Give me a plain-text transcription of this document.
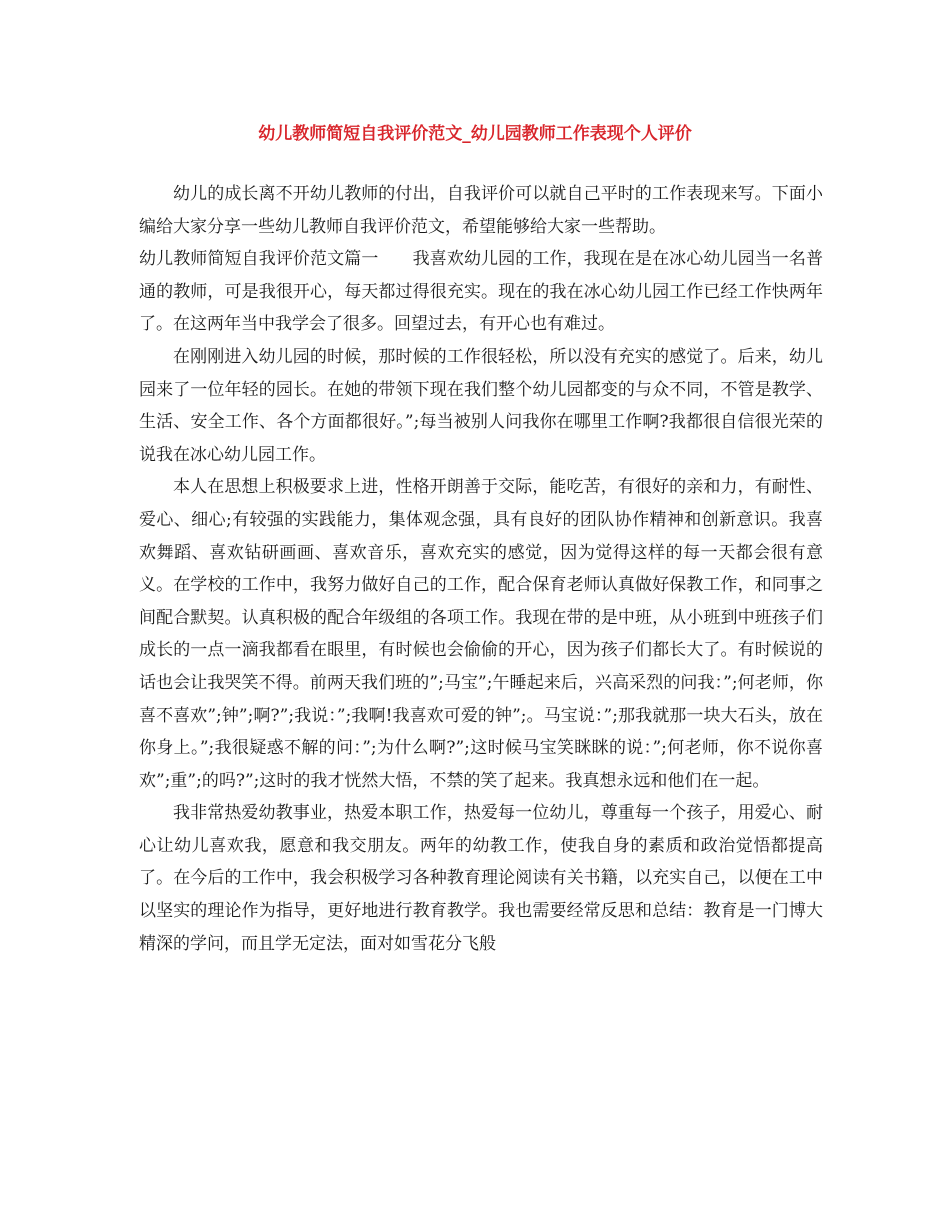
幼儿教师简短自我评价范文_幼儿园教师工作表现个人评价

幼儿的成长离不开幼儿教师的付出，自我评价可以就自己平时的工作表现来写。下面小编给大家分享一些幼儿教师自我评价范文，希望能够给大家一些帮助。

幼儿教师简短自我评价范文篇一　　我喜欢幼儿园的工作，我现在是在冰心幼儿园当一名普通的教师，可是我很开心，每天都过得很充实。现在的我在冰心幼儿园工作已经工作快两年了。在这两年当中我学会了很多。回望过去，有开心也有难过。

在刚刚进入幼儿园的时候，那时候的工作很轻松，所以没有充实的感觉了。后来，幼儿园来了一位年轻的园长。在她的带领下现在我们整个幼儿园都变的与众不同，不管是教学、生活、安全工作、各个方面都很好。”;每当被别人问我你在哪里工作啊?我都很自信很光荣的说我在冰心幼儿园工作。

本人在思想上积极要求上进，性格开朗善于交际，能吃苦，有很好的亲和力，有耐性、爱心、细心;有较强的实践能力，集体观念强，具有良好的团队协作精神和创新意识。我喜欢舞蹈、喜欢钻研画画、喜欢音乐，喜欢充实的感觉，因为觉得这样的每一天都会很有意义。在学校的工作中，我努力做好自己的工作，配合保育老师认真做好保教工作，和同事之间配合默契。认真积极的配合年级组的各项工作。我现在带的是中班，从小班到中班孩子们成长的一点一滴我都看在眼里，有时候也会偷偷的开心，因为孩子们都长大了。有时候说的话也会让我哭笑不得。前两天我们班的”;马宝”;午睡起来后，兴高采烈的问我：”;何老师，你喜不喜欢”;钟”;啊?”;我说：”;我啊!我喜欢可爱的钟”;。马宝说：”;那我就那一块大石头，放在你身上。”;我很疑惑不解的问：”;为什么啊?”;这时候马宝笑眯眯的说：”;何老师，你不说你喜欢”;重”;的吗?”;这时的我才恍然大悟，不禁的笑了起来。我真想永远和他们在一起。

我非常热爱幼教事业，热爱本职工作，热爱每一位幼儿，尊重每一个孩子，用爱心、耐心让幼儿喜欢我，愿意和我交朋友。两年的幼教工作，使我自身的素质和政治觉悟都提高了。在今后的工作中，我会积极学习各种教育理论阅读有关书籍，以充实自己，以便在工中以坚实的理论作为指导，更好地进行教育教学。我也需要经常反思和总结：教育是一门博大精深的学问，而且学无定法，面对如雪花分飞般
